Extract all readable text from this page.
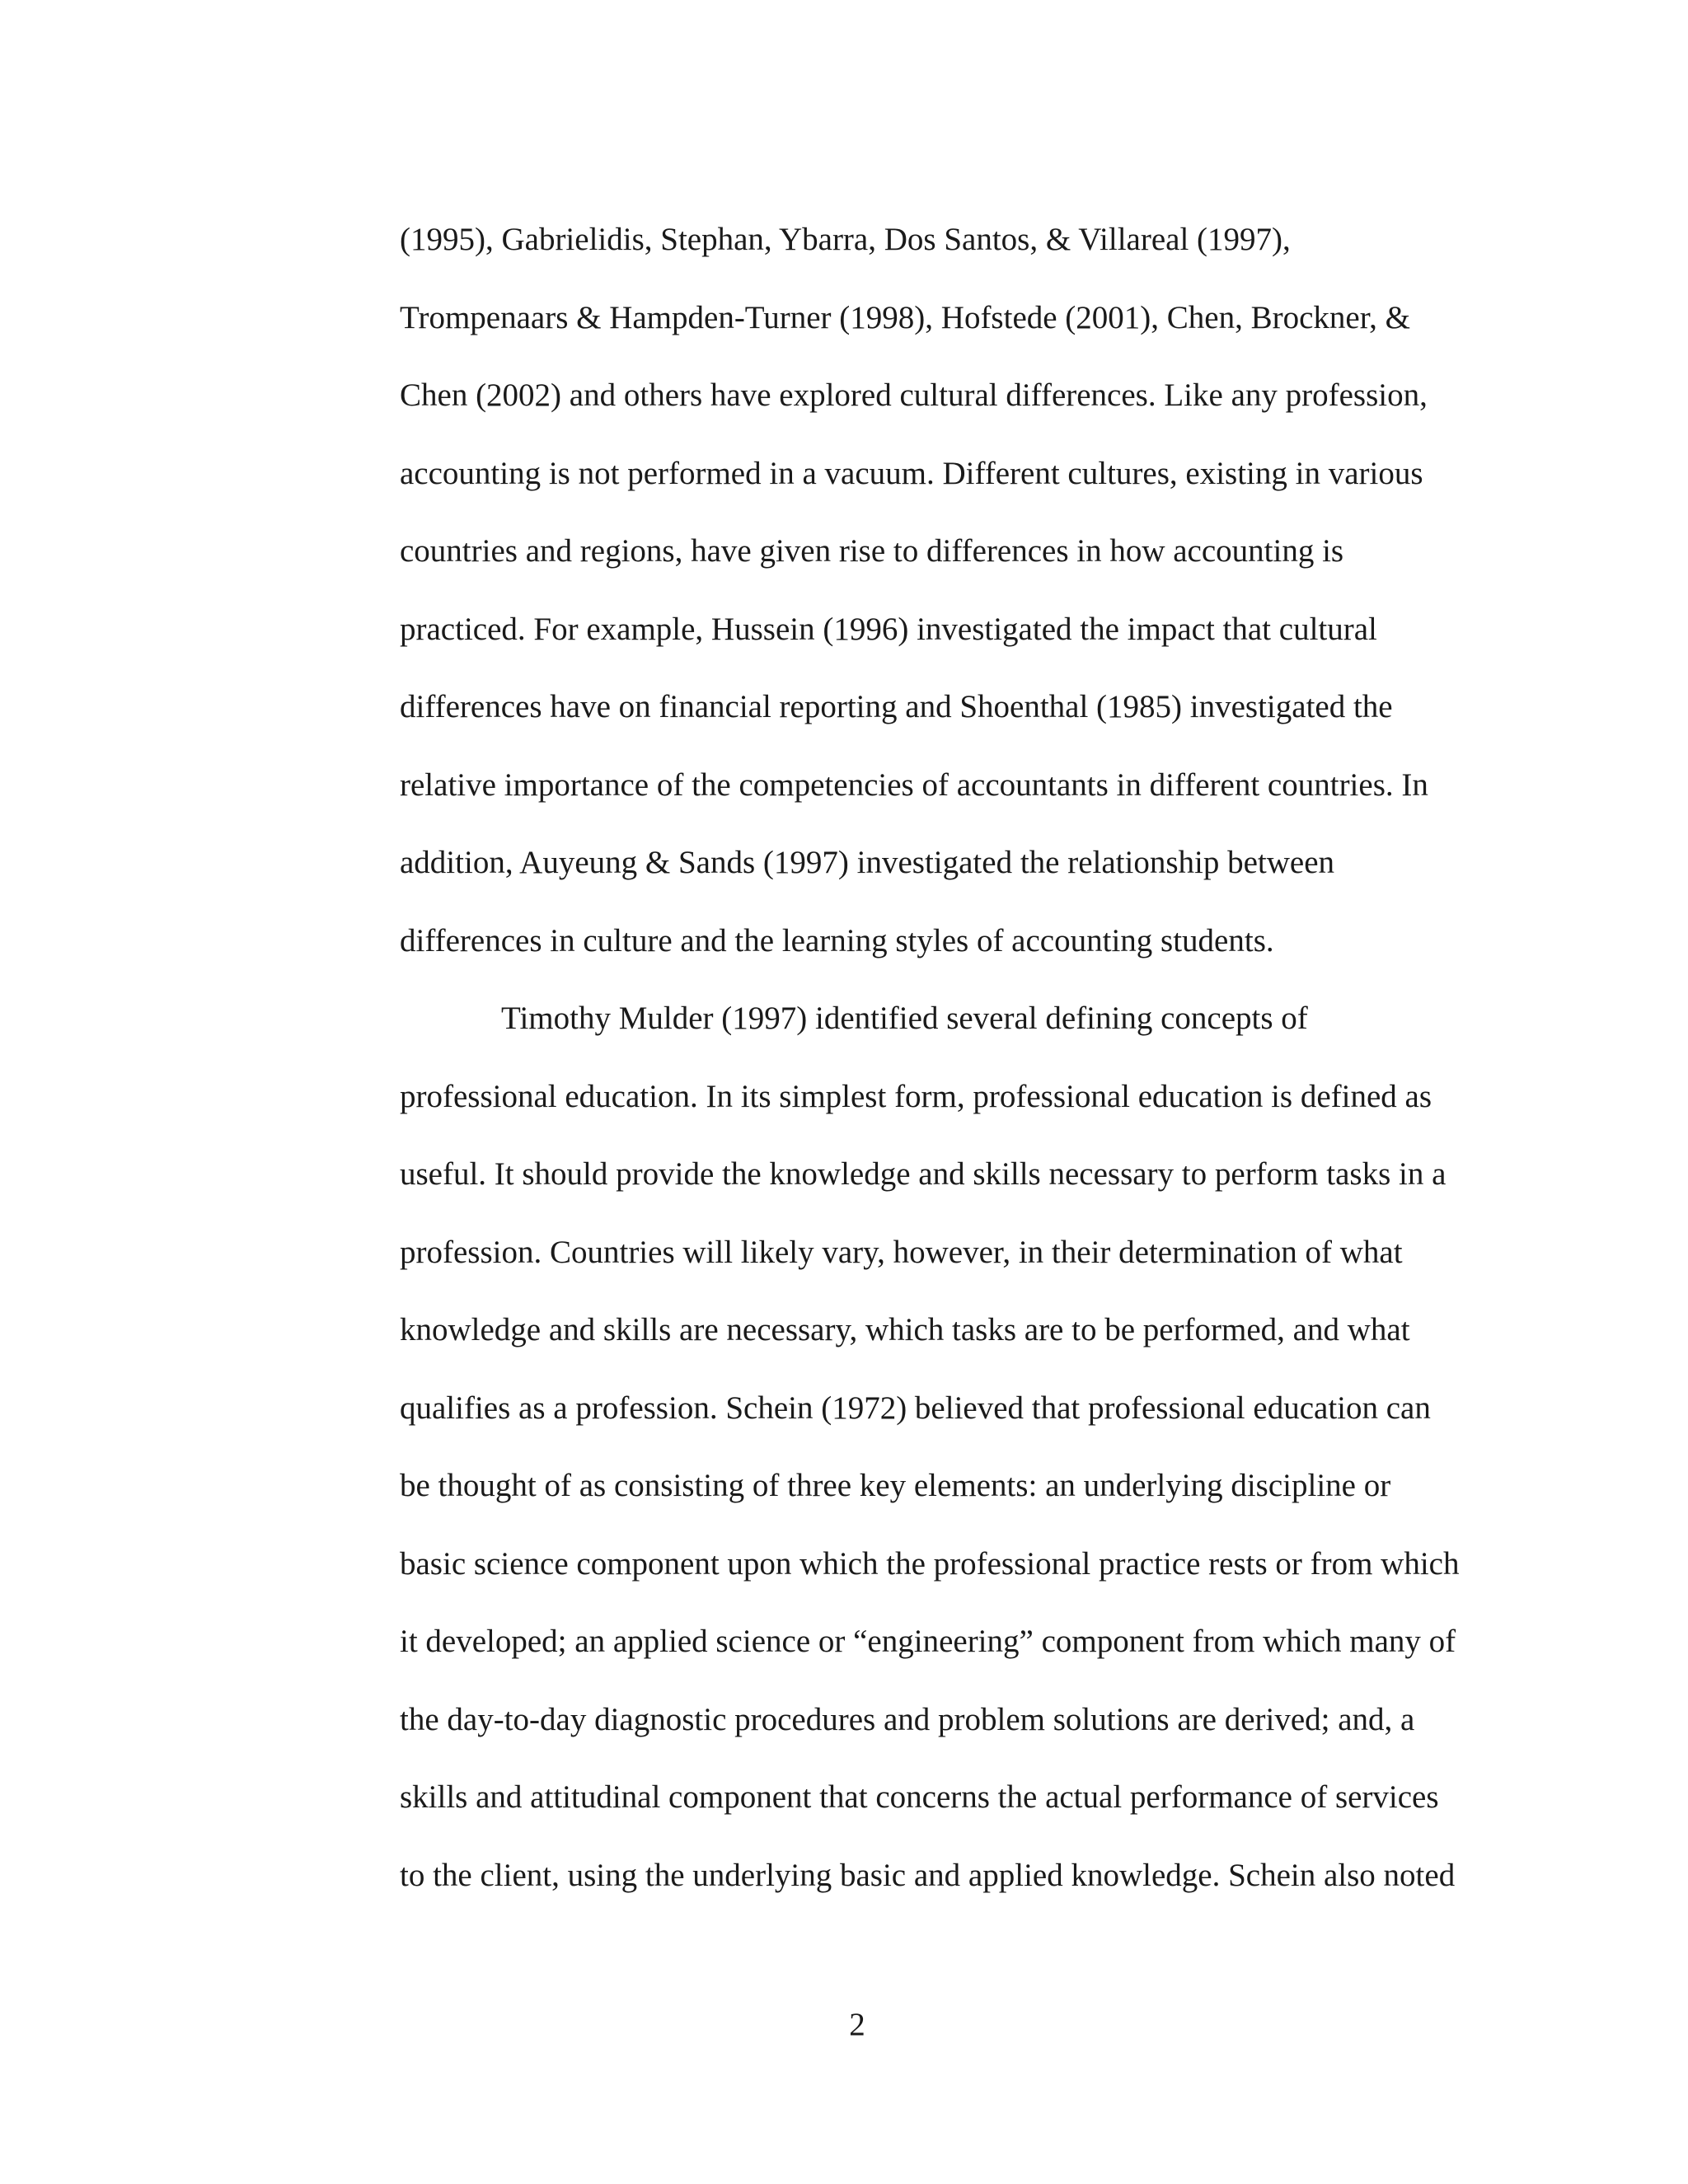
(1995), Gabrielidis, Stephan, Ybarra, Dos Santos, & Villareal (1997),
Trompenaars & Hampden-Turner (1998), Hofstede (2001), Chen, Brockner, &
Chen (2002) and others have explored cultural differences. Like any profession,
accounting is not performed in a vacuum. Different cultures, existing in various
countries and regions, have given rise to differences in how accounting is
practiced. For example, Hussein (1996) investigated the impact that cultural
differences have on financial reporting and Shoenthal (1985) investigated the
relative importance of the competencies of accountants in different countries. In
addition, Auyeung & Sands (1997) investigated the relationship between
differences in culture and the learning styles of accounting students.
Timothy Mulder (1997) identified several defining concepts of
professional education. In its simplest form, professional education is defined as
useful. It should provide the knowledge and skills necessary to perform tasks in a
profession. Countries will likely vary, however, in their determination of what
knowledge and skills are necessary, which tasks are to be performed, and what
qualifies as a profession. Schein (1972) believed that professional education can
be thought of as consisting of three key elements: an underlying discipline or
basic science component upon which the professional practice rests or from which
it developed; an applied science or “engineering” component from which many of
the day-to-day diagnostic procedures and problem solutions are derived; and, a
skills and attitudinal component that concerns the actual performance of services
to the client, using the underlying basic and applied knowledge. Schein also noted
2
